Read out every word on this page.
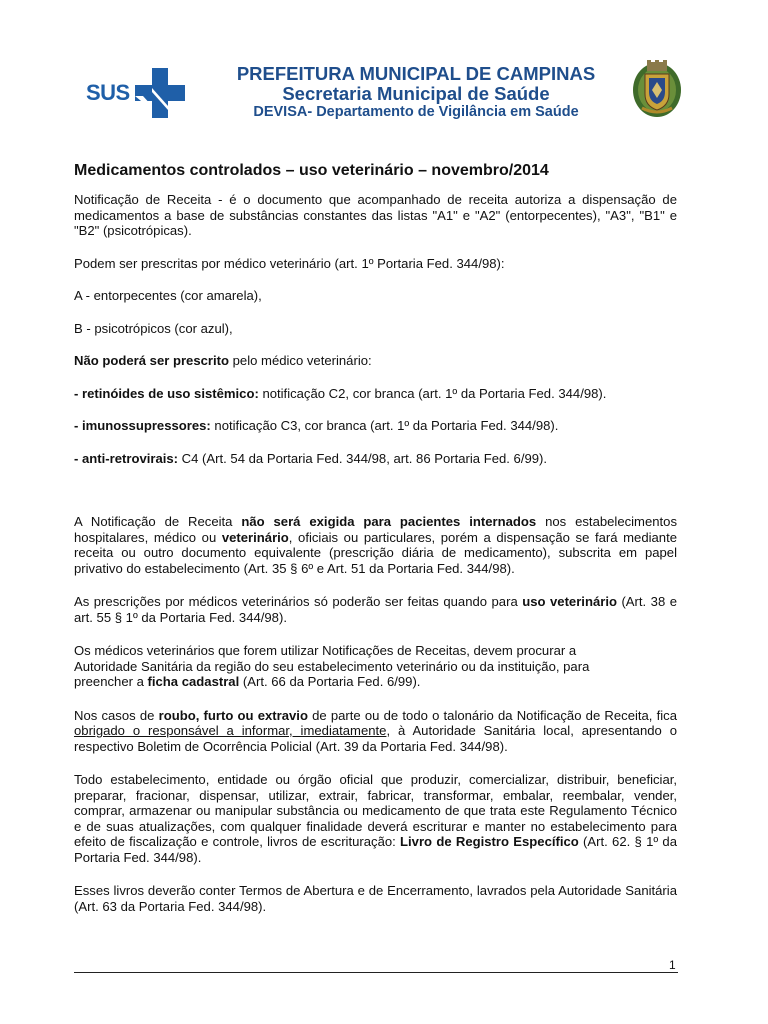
SUS
PREFEITURA MUNICIPAL DE CAMPINAS
Secretaria Municipal de Saúde
DEVISA- Departamento de Vigilância em Saúde
Medicamentos controlados – uso veterinário – novembro/2014

Notificação de Receita - é o documento que acompanhado de receita autoriza a dispensação de medicamentos a base de substâncias constantes das listas "A1" e "A2" (entorpecentes), "A3", "B1" e "B2" (psicotrópicas).

Podem ser prescritas por médico veterinário (art. 1º Portaria Fed. 344/98):

A - entorpecentes (cor amarela),

B - psicotrópicos (cor azul),

Não poderá ser prescrito pelo médico veterinário:

- retinóides de uso sistêmico: notificação C2, cor branca (art. 1º da Portaria Fed. 344/98).

- imunossupressores: notificação C3, cor branca (art. 1º da Portaria Fed. 344/98).

- anti-retrovirais: C4 (Art. 54 da Portaria Fed. 344/98, art. 86 Portaria Fed. 6/99).

A Notificação de Receita não será exigida para pacientes internados nos estabelecimentos hospitalares, médico ou veterinário, oficiais ou particulares, porém a dispensação se fará mediante receita ou outro documento equivalente (prescrição diária de medicamento), subscrita em papel privativo do estabelecimento (Art. 35 § 6º e Art. 51 da Portaria Fed. 344/98).

As prescrições por médicos veterinários só poderão ser feitas quando para uso veterinário (Art. 38 e art. 55 § 1º da Portaria Fed. 344/98).

Os médicos veterinários que forem utilizar Notificações de Receitas, devem procurar a
Autoridade Sanitária da região do seu estabelecimento veterinário ou da instituição, para
preencher a ficha cadastral (Art. 66 da Portaria Fed. 6/99).

Nos casos de roubo, furto ou extravio de parte ou de todo o talonário da Notificação de Receita, fica obrigado o responsável a informar, imediatamente, à Autoridade Sanitária local, apresentando o respectivo Boletim de Ocorrência Policial (Art. 39 da Portaria Fed. 344/98).

Todo estabelecimento, entidade ou órgão oficial que produzir, comercializar, distribuir, beneficiar, preparar, fracionar, dispensar, utilizar, extrair, fabricar, transformar, embalar, reembalar, vender, comprar, armazenar ou manipular substância ou medicamento de que trata este Regulamento Técnico e de suas atualizações, com qualquer finalidade deverá escriturar e manter no estabelecimento para efeito de fiscalização e controle, livros de escrituração: Livro de Registro Específico (Art. 62. § 1º da Portaria Fed. 344/98).

Esses livros deverão conter Termos de Abertura e de Encerramento, lavrados pela Autoridade Sanitária (Art. 63 da Portaria Fed. 344/98).

1
